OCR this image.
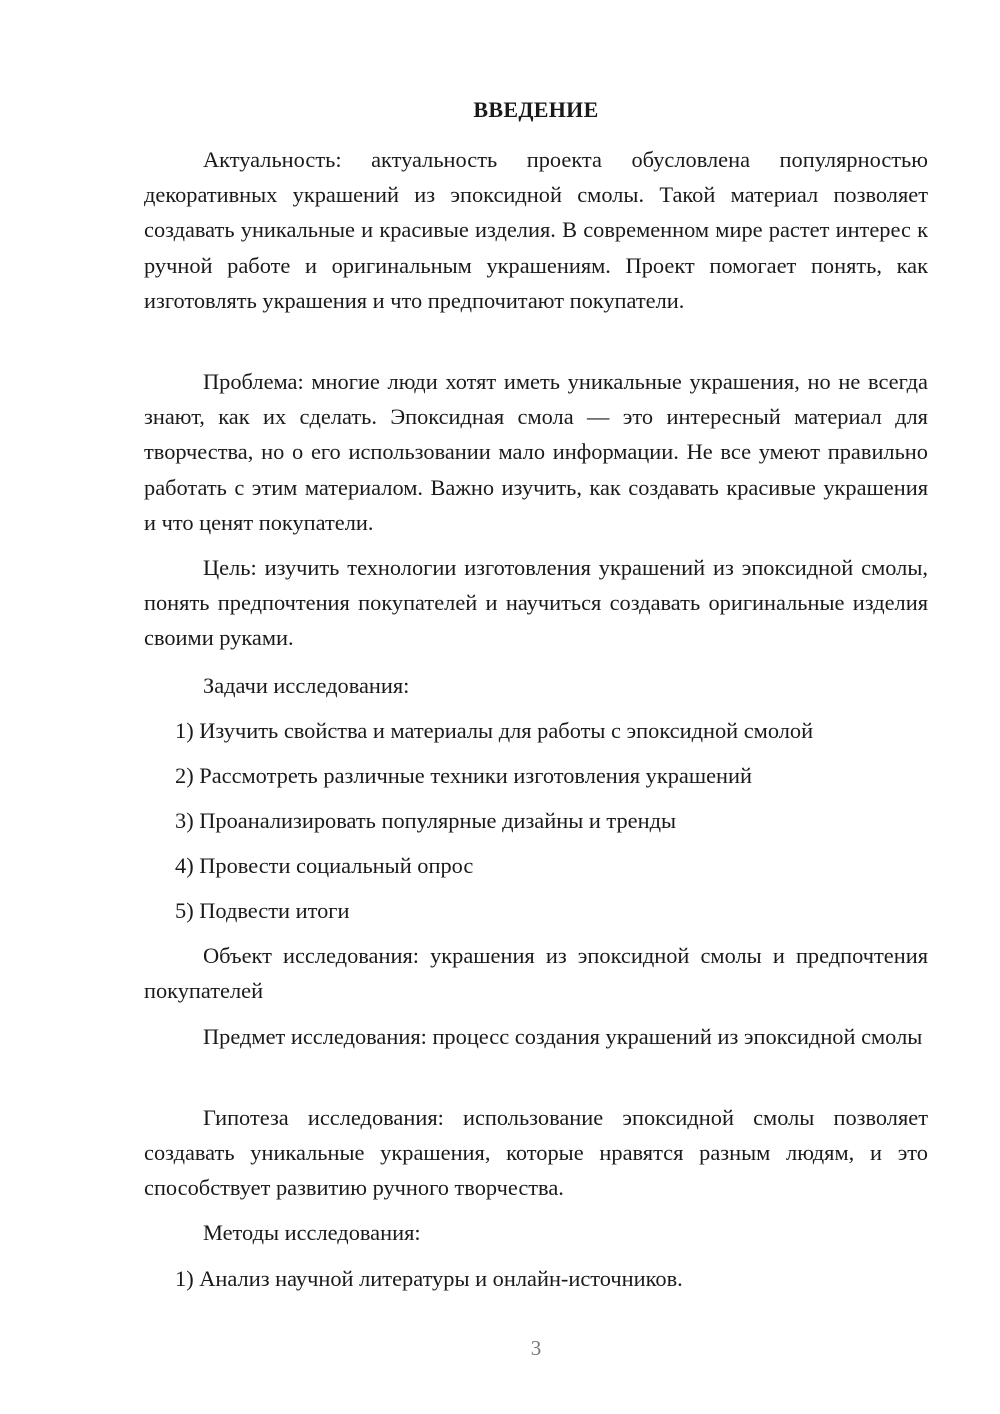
ВВЕДЕНИЕ
Актуальность: актуальность проекта обусловлена популярностью декоративных украшений из эпоксидной смолы. Такой материал позволяет создавать уникальные и красивые изделия. В современном мире растет интерес к ручной работе и оригинальным украшениям. Проект помогает понять, как изготовлять украшения и что предпочитают покупатели.
Проблема: многие люди хотят иметь уникальные украшения, но не всегда знают, как их сделать. Эпоксидная смола — это интересный материал для творчества, но о его использовании мало информации. Не все умеют правильно работать с этим материалом. Важно изучить, как создавать красивые украшения и что ценят покупатели.
Цель: изучить технологии изготовления украшений из эпоксидной смолы, понять предпочтения покупателей и научиться создавать оригинальные изделия своими руками.
Задачи исследования:
1) Изучить свойства и материалы для работы с эпоксидной смолой
2) Рассмотреть различные техники изготовления украшений
3) Проанализировать популярные дизайны и тренды
4) Провести социальный опрос
5) Подвести итоги
Объект исследования: украшения из эпоксидной смолы и предпочтения покупателей
Предмет исследования: процесс создания украшений из эпоксидной смолы
Гипотеза исследования: использование эпоксидной смолы позволяет создавать уникальные украшения, которые нравятся разным людям, и это способствует развитию ручного творчества.
Методы исследования:
1) Анализ научной литературы и онлайн-источников.
3
